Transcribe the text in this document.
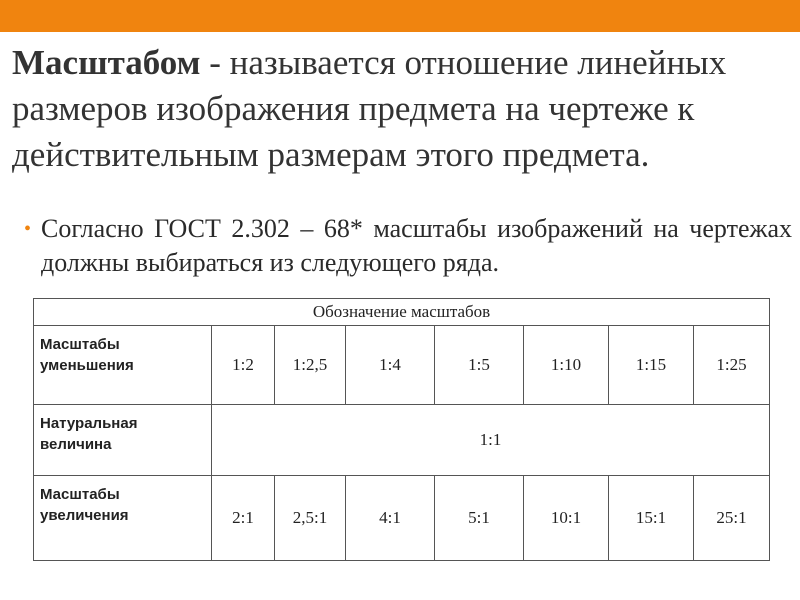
Масштабом - называется отношение линейных размеров изображения предмета на чертеже к действительным размерам этого предмета.

• Согласно ГОСТ 2.302 – 68* масштабы изображений на чертежах должны выбираться из следующего ряда.
Обозначение масштабов							
Масштабы уменьшения	1:2	1:2,5	1:4	1:5	1:10	1:15	1:25
Натуральная величина	1:1						
Масштабы увеличения	2:1	2,5:1	4:1	5:1	10:1	15:1	25:1
